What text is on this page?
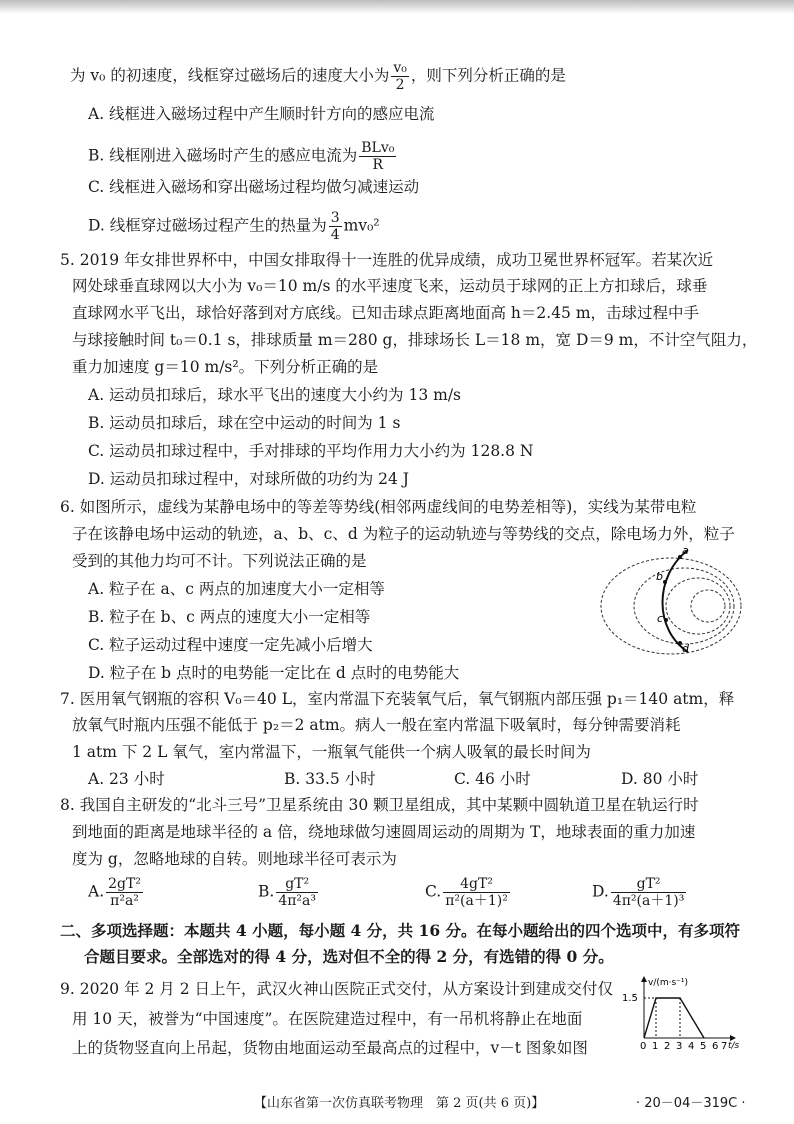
为 v₀ 的初速度，线框穿过磁场后的速度大小为 $\frac{\text{v₀}}{2}$ ，则下列分析正确的是
A. 线框进入磁场过程中产生顺时针方向的感应电流
B. 线框刚进入磁场时产生的感应电流为 $\frac{\text{BLv₀}}{R}$
C. 线框进入磁场和穿出磁场过程均做匀减速运动
D. 线框穿过磁场过程产生的热量为 $\frac{3}{4} mv_0^2$
5. 2019 年女排世界杯中，中国女排取得十一连胜的优异成绩，成功卫冕世界杯冠军。若某次近
网处球垂直球网以大小为 v₀＝10 m/s 的水平速度飞来，运动员于球网的正上方扣球后，球垂
直球网水平飞出，球恰好落到对方底线。已知击球点距离地面高 h＝2.45 m，击球过程中手
与球接触时间 t₀＝0.1 s，排球质量 m＝280 g，排球场长 L＝18 m，宽 D＝9 m，不计空气阻力，
重力加速度 g＝10 m/s²。下列分析正确的是
A. 运动员扣球后，球水平飞出的速度大小约为 13 m/s
B. 运动员扣球后，球在空中运动的时间为 1 s
C. 运动员扣球过程中，手对排球的平均作用力大小约为 128.8 N
D. 运动员扣球过程中，对球所做的功约为 24 J
6. 如图所示，虚线为某静电场中的等差等势线(相邻两虚线间的电势差相等)，实线为某带电粒
子在该静电场中运动的轨迹，a、b、c、d 为粒子的运动轨迹与等势线的交点，除电场力外，粒子
受到的其他力均可不计。下列说法正确的是
A. 粒子在 a、c 两点的加速度大小一定相等
B. 粒子在 b、c 两点的速度大小一定相等
C. 粒子运动过程中速度一定先减小后增大
D. 粒子在 b 点时的电势能一定比在 d 点时的电势能大
a
b
c
d
7. 医用氧气钢瓶的容积 V₀＝40 L，室内常温下充装氧气后，氧气钢瓶内部压强 p₁＝140 atm，释
放氧气时瓶内压强不能低于 p₂＝2 atm。病人一般在室内常温下吸氧时，每分钟需要消耗
1 atm 下 2 L 氧气，室内常温下，一瓶氧气能供一个病人吸氧的最长时间为
A. 23 小时	B. 33.5 小时	C. 46 小时	D. 80 小时
8. 我国自主研发的“北斗三号”卫星系统由 30 颗卫星组成，其中某颗中圆轨道卫星在轨运行时
到地面的距离是地球半径的 a 倍，绕地球做匀速圆周运动的周期为 T，地球表面的重力加速
度为 g，忽略地球的自转。则地球半径可表示为
A. $\frac{\text{2gT²}}{\text{π²a²}}$	B. $\frac{\text{gT²}}{\text{4π²a³}}$	C. $\frac{\text{4gT²}}{\text{π²(a＋1)²}}$	D. $\frac{\text{gT²}}{\text{4π²(a＋1)³}}$
二、多项选择题：本题共 4 小题，每小题 4 分，共 16 分。在每小题给出的四个选项中，有多项符
合题目要求。全部选对的得 4 分，选对但不全的得 2 分，有选错的得 0 分。
9. 2020 年 2 月 2 日上午，武汉火神山医院正式交付，从方案设计到建成交付仅
用 10 天，被誉为“中国速度”。在医院建造过程中，有一吊机将静止在地面
上的货物竖直向上吊起，货物由地面运动至最高点的过程中，v－t 图象如图
v/(m·s⁻¹)
1.5
0 1 2 3 4 5 6 7 t/s
【山东省第一次仿真联考物理　第 2 页(共 6 页)】	· 20－04－319C ·
